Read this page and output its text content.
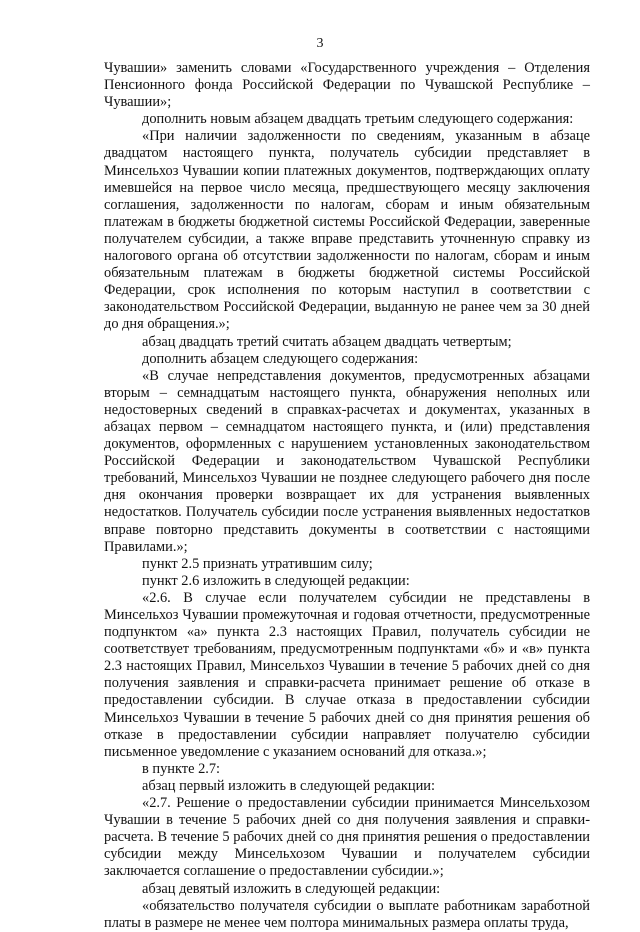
3

Чувашии» заменить словами «Государственного учреждения – Отделения Пенсионного фонда Российской Федерации по Чувашской Республике – Чувашии»;

дополнить новым абзацем двадцать третьим следующего содержания:

«При наличии задолженности по сведениям, указанным в абзаце двадцатом настоящего пункта, получатель субсидии представляет в Минсельхоз Чувашии копии платежных документов, подтверждающих оплату имевшейся на первое число месяца, предшествующего месяцу заключения соглашения, задолженности по налогам, сборам и иным обязательным платежам в бюджеты бюджетной системы Российской Федерации, заверенные получателем субсидии, а также вправе представить уточненную справку из налогового органа об отсутствии задолженности по налогам, сборам и иным обязательным платежам в бюджеты бюджетной системы Российской Федерации, срок исполнения по которым наступил в соответствии с законодательством Российской Федерации, выданную не ранее чем за 30 дней до дня обращения.»;

абзац двадцать третий считать абзацем двадцать четвертым;

дополнить абзацем следующего содержания:

«В случае непредставления документов, предусмотренных абзацами вторым – семнадцатым настоящего пункта, обнаружения неполных или недостоверных сведений в справках-расчетах и документах, указанных в абзацах первом – семнадцатом настоящего пункта, и (или) представления документов, оформленных с нарушением установленных законодательством Российской Федерации и законодательством Чувашской Республики требований, Минсельхоз Чувашии не позднее следующего рабочего дня после дня окончания проверки возвращает их для устранения выявленных недостатков. Получатель субсидии после устранения выявленных недостатков вправе повторно представить документы в соответствии с настоящими Правилами.»;

пункт 2.5 признать утратившим силу;

пункт 2.6 изложить в следующей редакции:

«2.6. В случае если получателем субсидии не представлены в Минсельхоз Чувашии промежуточная и годовая отчетности, предусмотренные подпунктом «а» пункта 2.3 настоящих Правил, получатель субсидии не соответствует требованиям, предусмотренным подпунктами «б» и «в» пункта 2.3 настоящих Правил, Минсельхоз Чувашии в течение 5 рабочих дней со дня получения заявления и справки-расчета принимает решение об отказе в предоставлении субсидии. В случае отказа в предоставлении субсидии Минсельхоз Чувашии в течение 5 рабочих дней со дня принятия решения об отказе в предоставлении субсидии направляет получателю субсидии письменное уведомление с указанием оснований для отказа.»;

в пункте 2.7:

абзац первый изложить в следующей редакции:

«2.7. Решение о предоставлении субсидии принимается Минсельхозом Чувашии в течение 5 рабочих дней со дня получения заявления и справки-расчета. В течение 5 рабочих дней со дня принятия решения о предоставлении субсидии между Минсельхозом Чувашии и получателем субсидии заключается соглашение о предоставлении субсидии.»;

абзац девятый изложить в следующей редакции:

«обязательство получателя субсидии о выплате работникам заработной платы в размере не менее чем полтора минимальных размера оплаты труда,
